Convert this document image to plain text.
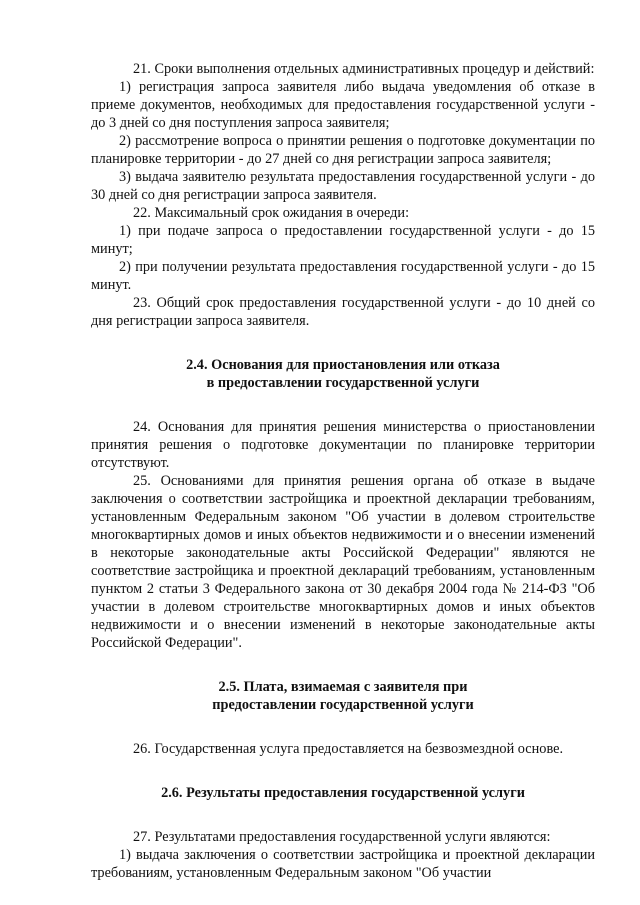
21. Сроки выполнения отдельных административных процедур и действий:

1) регистрация запроса заявителя либо выдача уведомления об отказе в приеме документов, необходимых для предоставления государственной услуги - до 3 дней со дня поступления запроса заявителя;

2) рассмотрение вопроса о принятии решения о подготовке документации по планировке территории - до 27 дней со дня регистрации запроса заявителя;

3) выдача заявителю результата предоставления государственной услуги - до 30 дней со дня регистрации запроса заявителя.

22. Максимальный срок ожидания в очереди:

1) при подаче запроса о предоставлении государственной услуги - до 15 минут;

2) при получении результата предоставления государственной услуги - до 15 минут.

23. Общий срок предоставления государственной услуги - до 10 дней со дня регистрации запроса заявителя.

2.4. Основания для приостановления или отказа
в предоставлении государственной услуги

24. Основания для принятия решения министерства о приостановлении принятия решения о подготовке документации по планировке территории отсутствуют.

25. Основаниями для принятия решения органа об отказе в выдаче заключения о соответствии застройщика и проектной декларации требованиям, установленным Федеральным законом "Об участии в долевом строительстве многоквартирных домов и иных объектов недвижимости и о внесении изменений в некоторые законодательные акты Российской Федерации" являются не соответствие застройщика и проектной деклараций требованиям, установленным пунктом 2 статьи 3 Федерального закона от 30 декабря 2004 года № 214-ФЗ "Об участии в долевом строительстве многоквартирных домов и иных объектов недвижимости и о внесении изменений в некоторые законодательные акты Российской Федерации".

2.5. Плата, взимаемая с заявителя при
предоставлении государственной услуги

26. Государственная услуга предоставляется на безвозмездной основе.

2.6. Результаты предоставления государственной услуги

27. Результатами предоставления государственной услуги являются:

1) выдача заключения о соответствии застройщика и проектной декларации требованиям, установленным Федеральным законом "Об участии
